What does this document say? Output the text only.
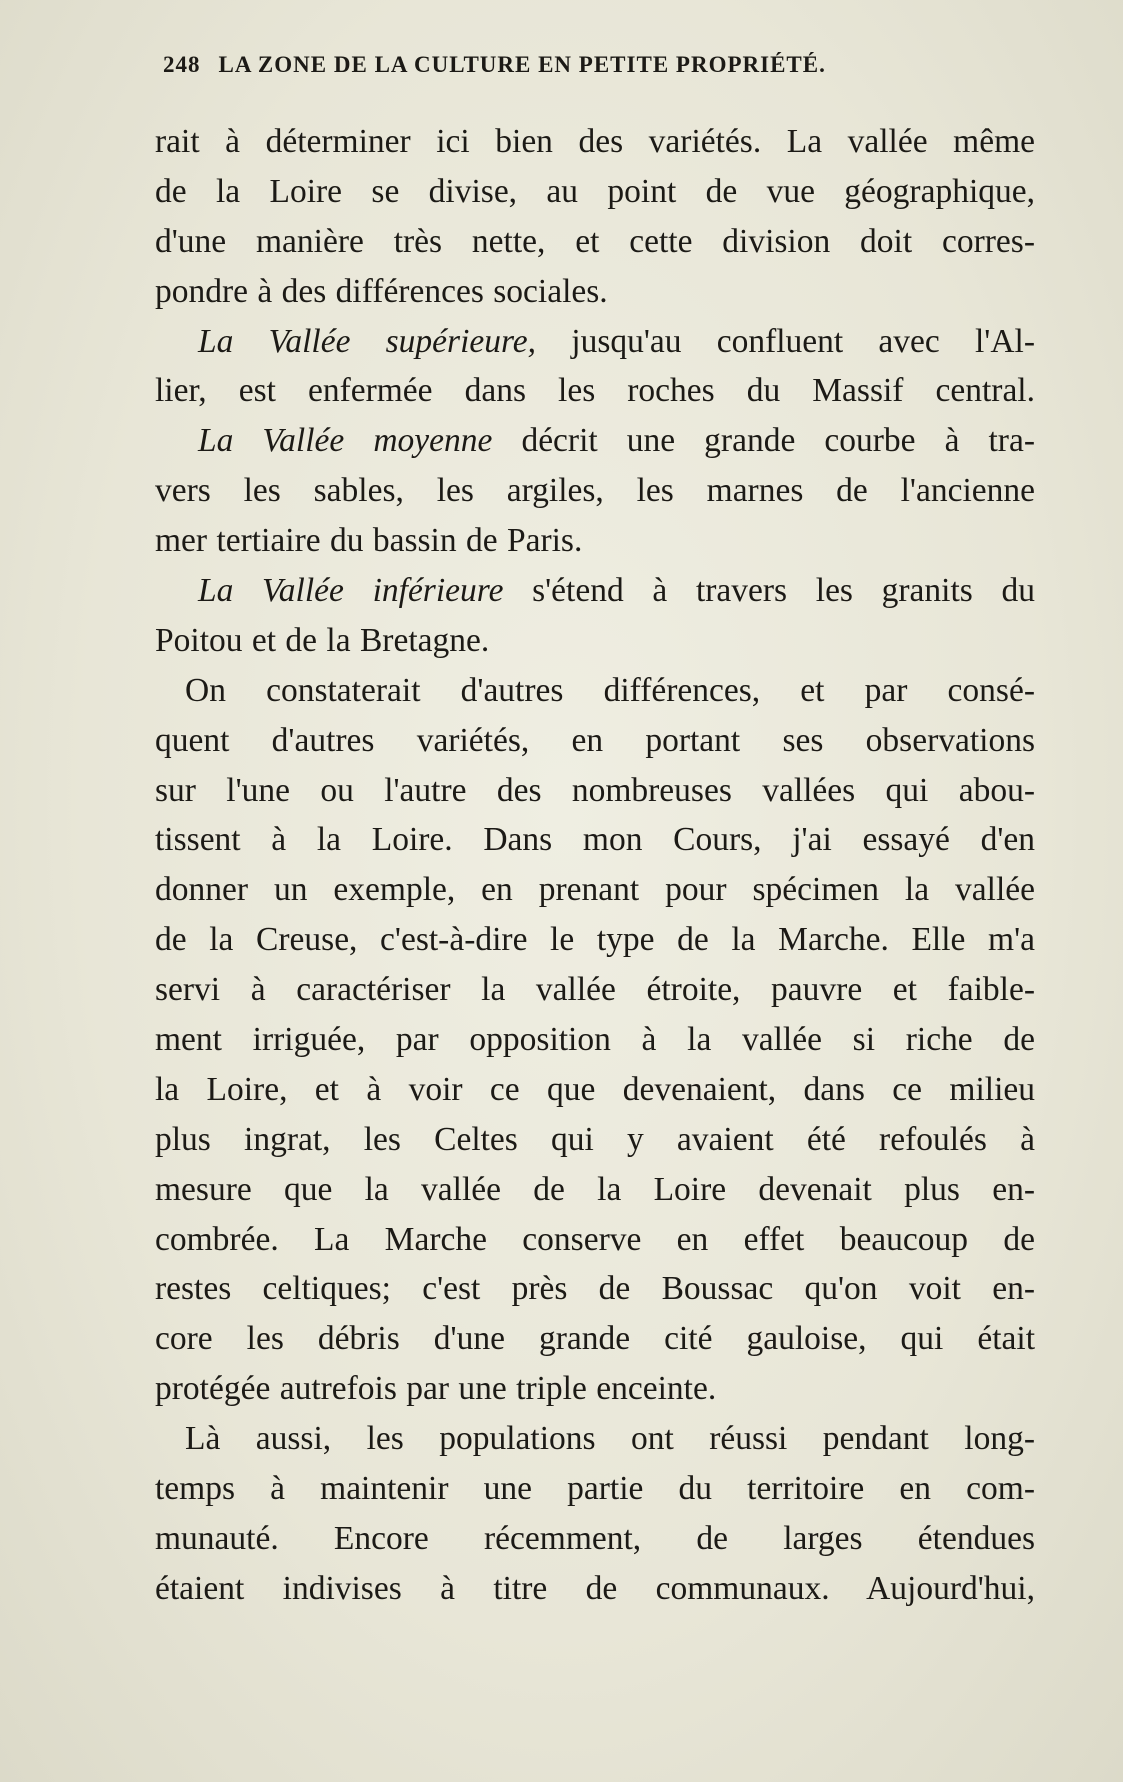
248 LA ZONE DE LA CULTURE EN PETITE PROPRIÉTÉ.
rait à déterminer ici bien des variétés. La vallée même
de la Loire se divise, au point de vue géographique,
d'une manière très nette, et cette division doit corres-
pondre à des différences sociales.
La Vallée supérieure, jusqu'au confluent avec l'Al-
lier, est enfermée dans les roches du Massif central.
La Vallée moyenne décrit une grande courbe à tra-
vers les sables, les argiles, les marnes de l'ancienne
mer tertiaire du bassin de Paris.
La Vallée inférieure s'étend à travers les granits du
Poitou et de la Bretagne.
On constaterait d'autres différences, et par consé-
quent d'autres variétés, en portant ses observations
sur l'une ou l'autre des nombreuses vallées qui abou-
tissent à la Loire. Dans mon Cours, j'ai essayé d'en
donner un exemple, en prenant pour spécimen la vallée
de la Creuse, c'est-à-dire le type de la Marche. Elle m'a
servi à caractériser la vallée étroite, pauvre et faible-
ment irriguée, par opposition à la vallée si riche de
la Loire, et à voir ce que devenaient, dans ce milieu
plus ingrat, les Celtes qui y avaient été refoulés à
mesure que la vallée de la Loire devenait plus en-
combrée. La Marche conserve en effet beaucoup de
restes celtiques; c'est près de Boussac qu'on voit en-
core les débris d'une grande cité gauloise, qui était
protégée autrefois par une triple enceinte.
Là aussi, les populations ont réussi pendant long-
temps à maintenir une partie du territoire en com-
munauté. Encore récemment, de larges étendues
étaient indivises à titre de communaux. Aujourd'hui,
